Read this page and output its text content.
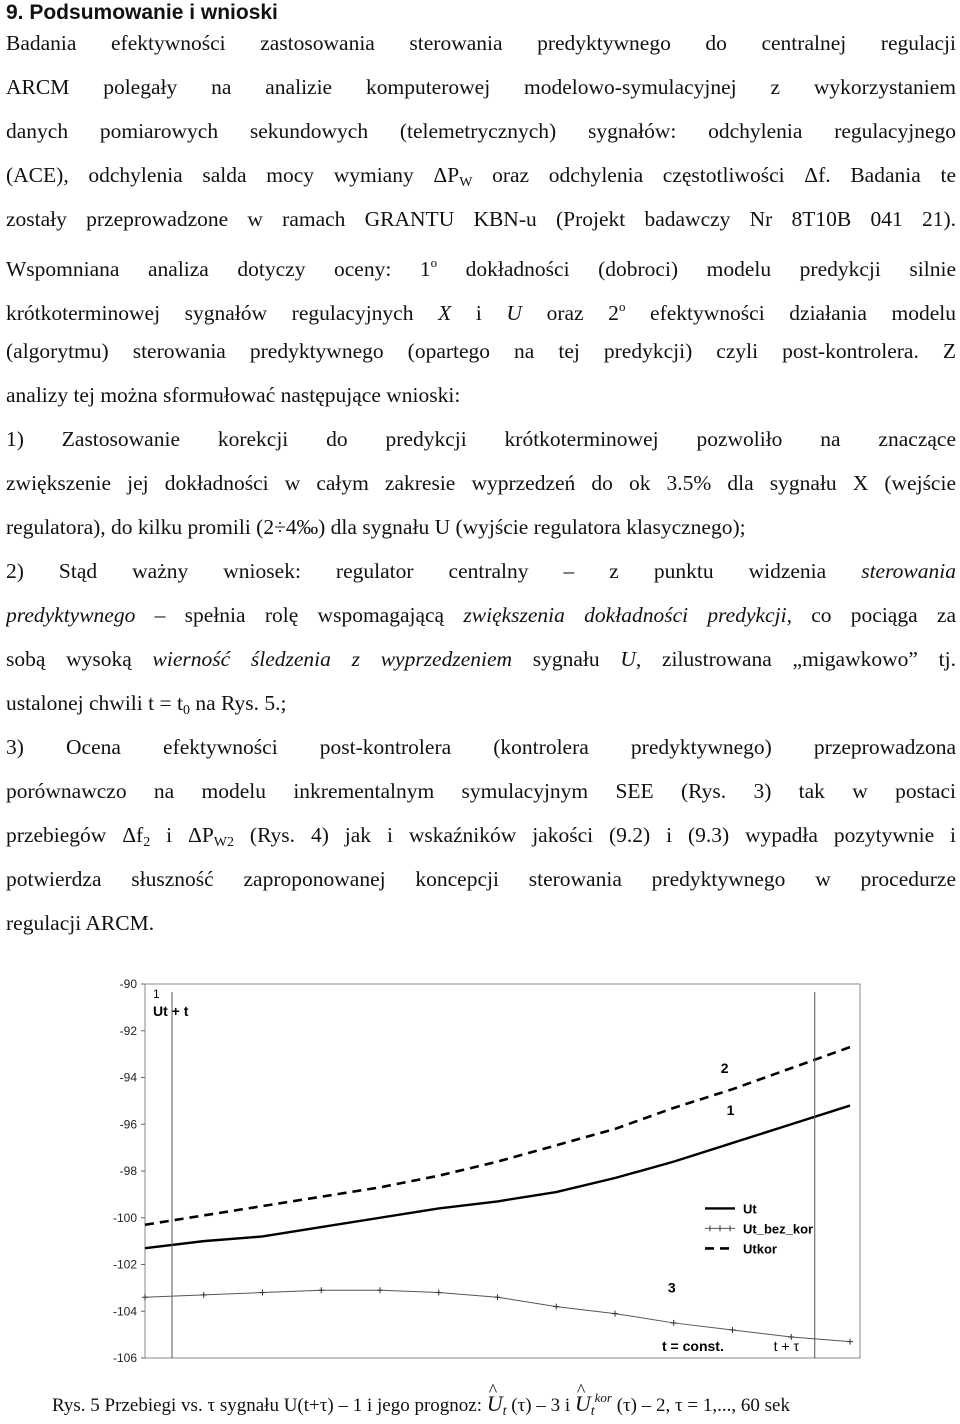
9. Podsumowanie i wnioski
Badania efektywności zastosowania sterowania predyktywnego do centralnej regulacji
ARCM polegały na analizie komputerowej modelowo-symulacyjnej z wykorzystaniem
danych pomiarowych sekundowych (telemetrycznych) sygnałów: odchylenia regulacyjnego
(ACE), odchylenia salda mocy wymiany $\Delta P_W$ oraz odchylenia częstotliwości Δf. Badania te
zostały przeprowadzone w ramach GRANTU KBN-u (Projekt badawczy Nr 8T10B 041 21).
Wspomniana analiza dotyczy oceny: 1$^o$ dokładności (dobroci) modelu predykcji silnie
krótkoterminowej sygnałów regulacyjnych X i U oraz 2$^o$ efektywności działania modelu
(algorytmu) sterowania predyktywnego (opartego na tej predykcji) czyli post-kontrolera. Z
analizy tej można sformułować następujące wnioski:
1) Zastosowanie korekcji do predykcji krótkoterminowej pozwoliło na znaczące
zwiększenie jej dokładności w całym zakresie wyprzedzeń do ok 3.5% dla sygnału X (wejście
regulatora), do kilku promili (2÷4‰) dla sygnału U (wyjście regulatora klasycznego);
2) Stąd ważny wniosek: regulator centralny – z punktu widzenia sterowania
predyktywnego – spełnia rolę wspomagającą zwiększenia dokładności predykcji, co pociąga za
sobą wysoką wierność śledzenia z wyprzedzeniem sygnału U, zilustrowana „migawkowo” tj.
ustalonej chwili $t = t_0$ na Rys. 5.;
3) Ocena efektywności post-kontrolera (kontrolera predyktywnego) przeprowadzona
porównawczo na modelu inkrementalnym symulacyjnym SEE (Rys. 3) tak w postaci
przebiegów $\Delta f_2$ i $\Delta P_{W2}$ (Rys. 4) jak i wskaźników jakości (9.2) i (9.3) wypadła pozytywnie i
potwierdza słuszność zaproponowanej koncepcji sterowania predyktywnego w procedurze
regulacji ARCM.
-90
-92
-94
-96
-98
-100
-102
-104
-106
Ut
Ut_bez_kor
Utkor
1
Ut + t
2
1
3
t = const.	t + τ
Rys. 5 Przebiegi vs. τ sygnału U(t+τ) – 1 i jego prognoz: ^ $U_t$ (τ) – 3 i ^ $U_t^{kor}$ (τ) – 2, τ = 1,..., 60 sek
